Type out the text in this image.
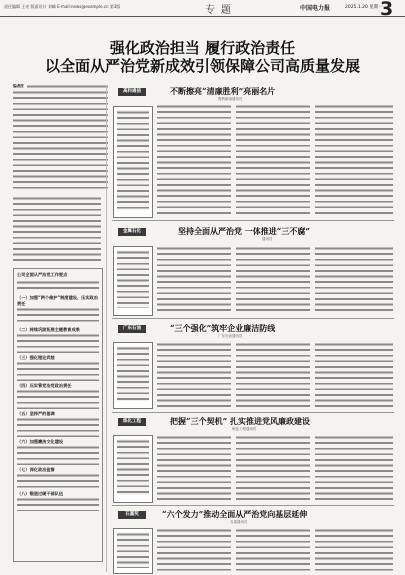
责任编辑 王亮 版面设计 刘峰 E-mail:news@example.cn 第3版	专题	中国电力报	2025.1.20 星期一
3
强化政治担当 履行政治责任
以全面从严治党新成效引领保障公司高质量发展
编者按
公司全面从严治党工作要点
（一）加强“两个维护”制度建设，压实政治责任
（二）持续巩固拓展主题教育成果
（三）强化理论武装
（四）压实管党治党政治责任
（五）坚持严的基调
（六）加强廉洁文化建设
（七）深化政治监督
（八）锻造过硬干部队伍
高科通信	不断擦亮“清廉胜利”亮丽名片
胜利新闻通讯员
金属石化	坚持全面从严治党 一体推进“三不腐”
通讯员
广东石油	“三个强化”筑牢企业廉洁防线
广东石油通讯员
炼化工程	把握“三个契机” 扎实推进党风廉政建设
炼化工程通讯员
石嘉奖	“六个发力”推动全面从严治党向基层延伸
石嘉通讯员
